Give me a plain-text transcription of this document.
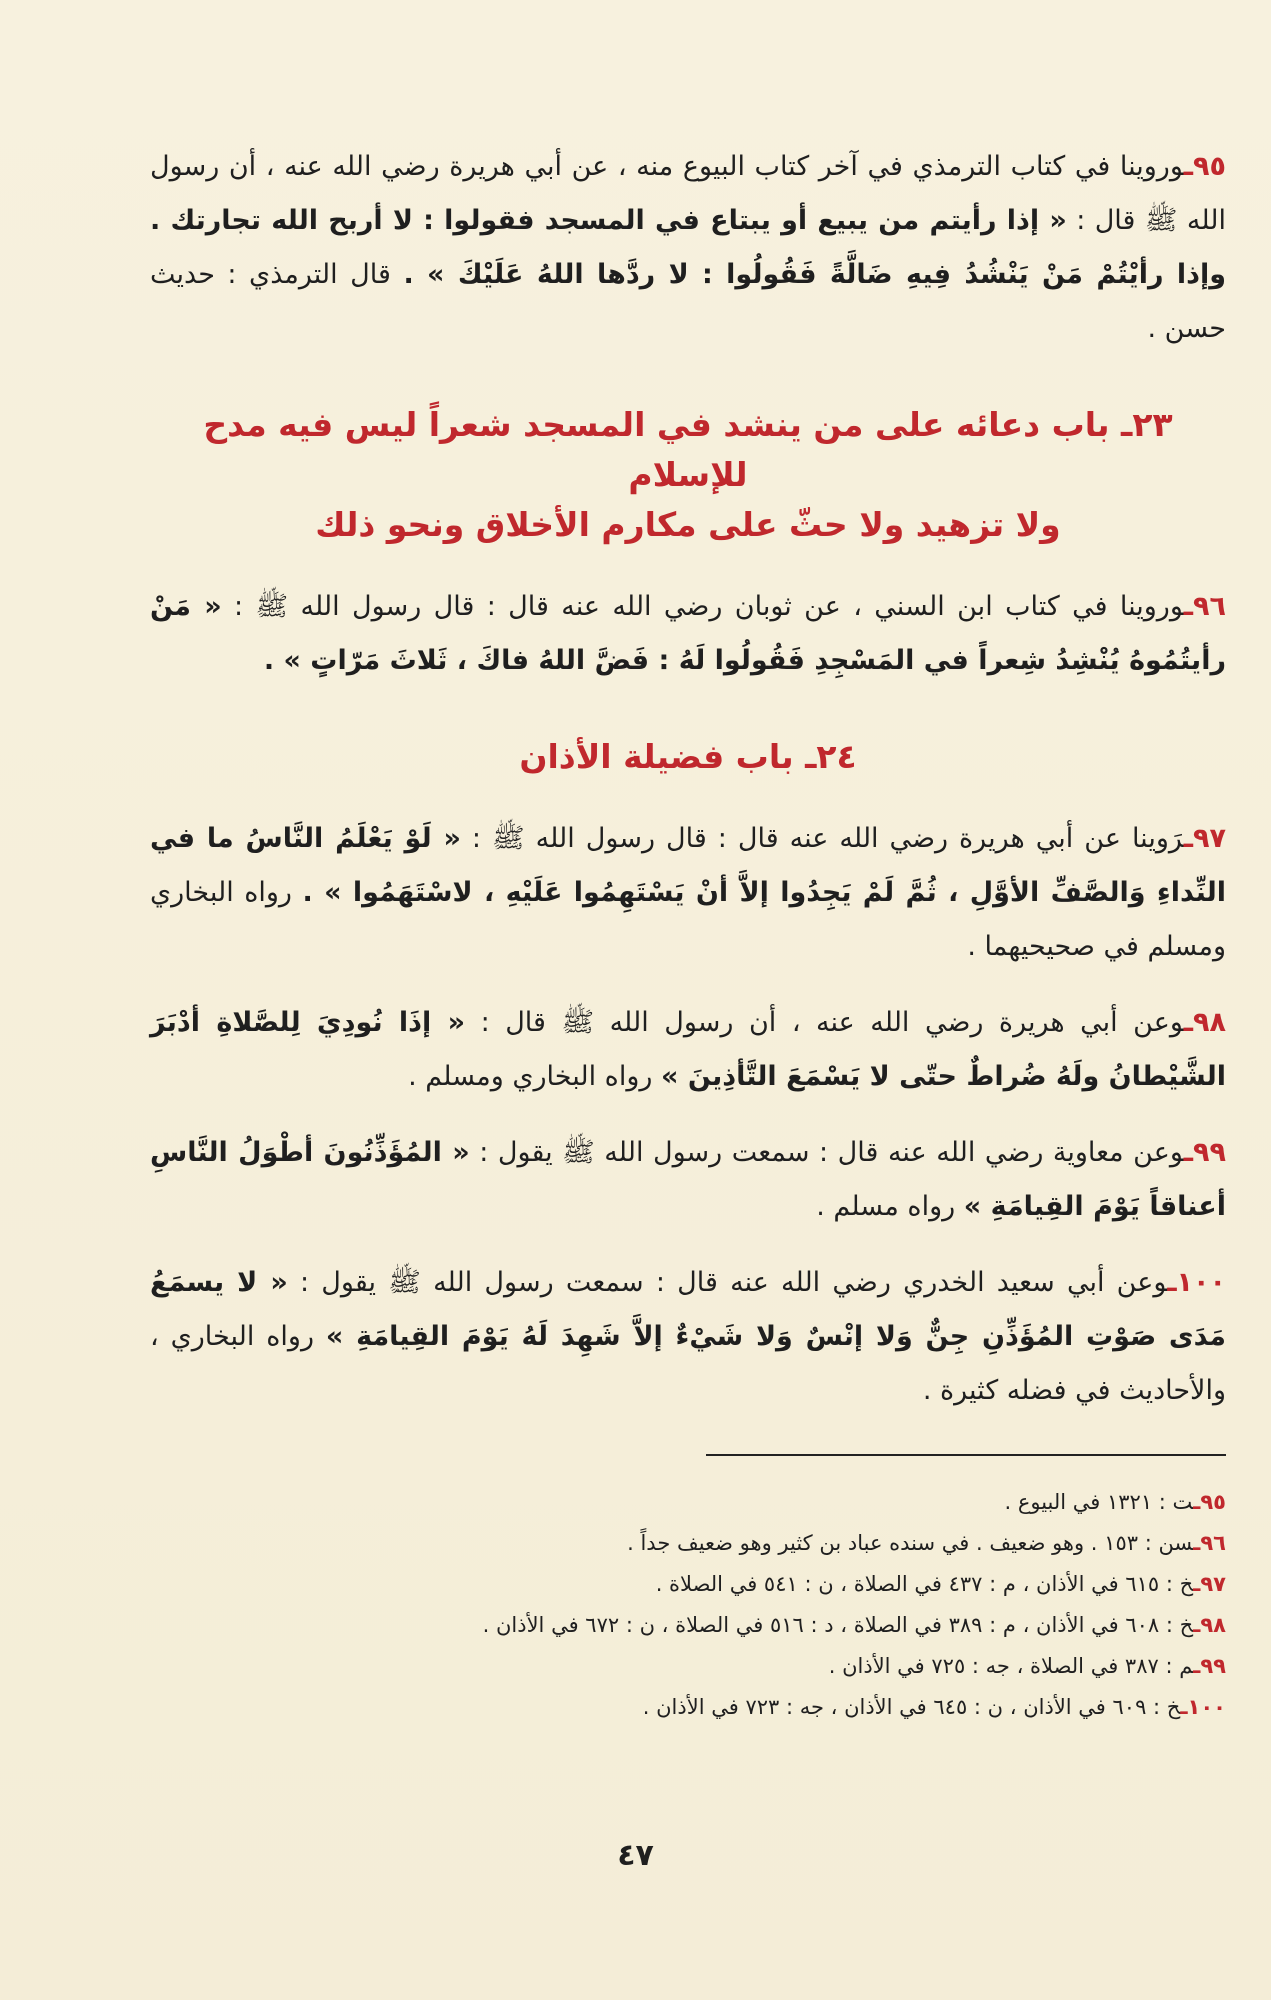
٩٥ـوروينا في كتاب الترمذي في آخر كتاب البيوع منه ، عن أبي هريرة رضي الله عنه ، أن رسول الله ﷺ قال : « إذا رأيتم من يبيع أو يبتاع في المسجد فقولوا : لا أربح الله تجارتك . وإذا رأيْتُمْ مَنْ يَنْشُدُ فِيهِ ضَالَّةً فَقُولُوا : لا ردَّها اللهُ عَلَيْكَ » . قال الترمذي : حديث حسن .

٢٣ـ باب دعائه على من ينشد في المسجد شعراً ليس فيه مدح للإسلام
ولا تزهيد ولا حثّ على مكارم الأخلاق ونحو ذلك

٩٦ـوروينا في كتاب ابن السني ، عن ثوبان رضي الله عنه قال : قال رسول الله ﷺ : « مَنْ رأيتُمُوهُ يُنْشِدُ شِعراً في المَسْجِدِ فَقُولُوا لَهُ : فَضَّ اللهُ فاكَ ، ثَلاثَ مَرّاتٍ » .

٢٤ـ باب فضيلة الأذان

٩٧ـرَوينا عن أبي هريرة رضي الله عنه قال : قال رسول الله ﷺ : « لَوْ يَعْلَمُ النَّاسُ ما في النِّداءِ وَالصَّفِّ الأوَّلِ ، ثُمَّ لَمْ يَجِدُوا إلاَّ أنْ يَسْتَهِمُوا عَلَيْهِ ، لاسْتَهَمُوا » . رواه البخاري ومسلم في صحيحيهما .

٩٨ـوعن أبي هريرة رضي الله عنه ، أن رسول الله ﷺ قال : « إذَا نُودِيَ لِلصَّلاةِ أدْبَرَ الشَّيْطانُ ولَهُ ضُراطٌ حتّى لا يَسْمَعَ التَّأذِينَ » رواه البخاري ومسلم .

٩٩ـوعن معاوية رضي الله عنه قال : سمعت رسول الله ﷺ يقول : « المُؤَذِّنُونَ أطْوَلُ النَّاسِ أعناقاً يَوْمَ القِيامَةِ » رواه مسلم .

١٠٠ـوعن أبي سعيد الخدري رضي الله عنه قال : سمعت رسول الله ﷺ يقول : « لا يسمَعُ مَدَى صَوْتِ المُؤَذِّنِ جِنٌّ وَلا إنْسٌ وَلا شَيْءٌ إلاَّ شَهِدَ لَهُ يَوْمَ القِيامَةِ » رواه البخاري ، والأحاديث في فضله كثيرة .

٩٥ـت : ١٣٢١ في البيوع .

٩٦ـسن : ١٥٣ . وهو ضعيف . في سنده عباد بن كثير وهو ضعيف جداً .

٩٧ـخ : ٦١٥ في الأذان ، م : ٤٣٧ في الصلاة ، ن : ٥٤١ في الصلاة .

٩٨ـخ : ٦٠٨ في الأذان ، م : ٣٨٩ في الصلاة ، د : ٥١٦ في الصلاة ، ن : ٦٧٢ في الأذان .

٩٩ـم : ٣٨٧ في الصلاة ، جه : ٧٢٥ في الأذان .

١٠٠ـخ : ٦٠٩ في الأذان ، ن : ٦٤٥ في الأذان ، جه : ٧٢٣ في الأذان .

٤٧
